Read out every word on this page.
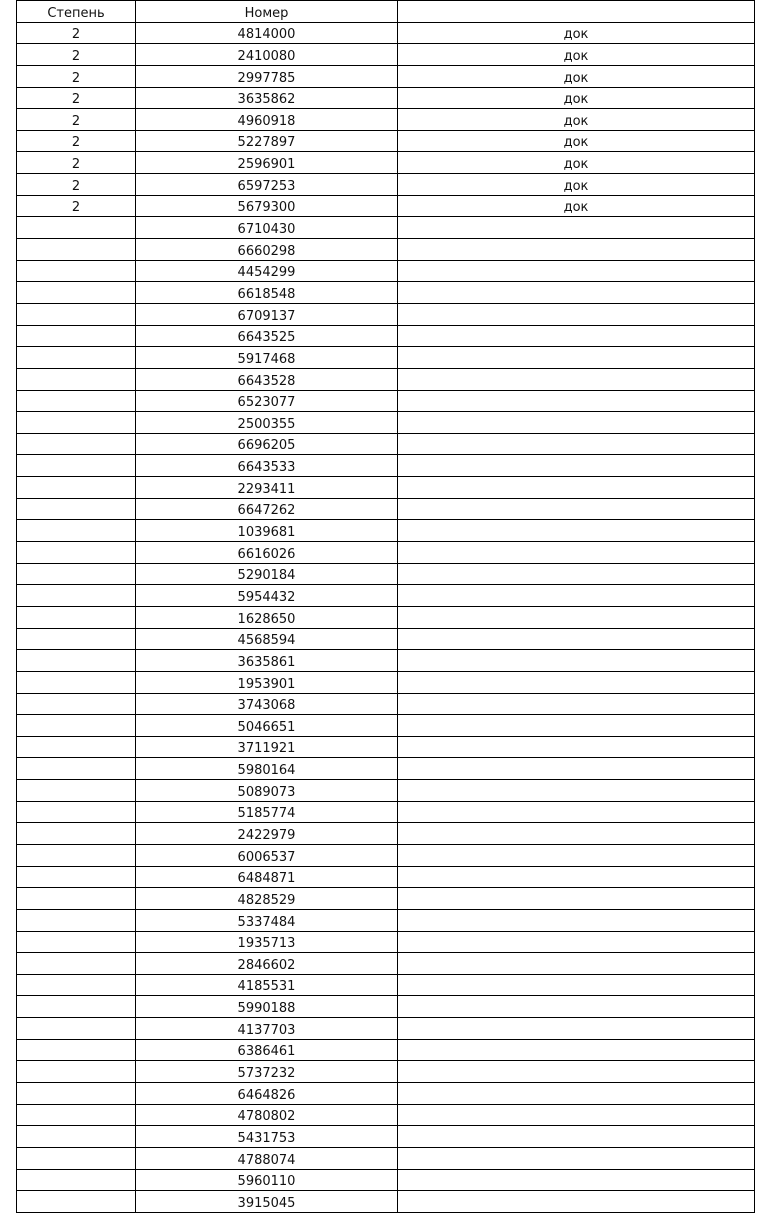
Степень	Номер	
2	4814000	док
2	2410080	док
2	2997785	док
2	3635862	док
2	4960918	док
2	5227897	док
2	2596901	док
2	6597253	док
2	5679300	док
	6710430	
	6660298	
	4454299	
	6618548	
	6709137	
	6643525	
	5917468	
	6643528	
	6523077	
	2500355	
	6696205	
	6643533	
	2293411	
	6647262	
	1039681	
	6616026	
	5290184	
	5954432	
	1628650	
	4568594	
	3635861	
	1953901	
	3743068	
	5046651	
	3711921	
	5980164	
	5089073	
	5185774	
	2422979	
	6006537	
	6484871	
	4828529	
	5337484	
	1935713	
	2846602	
	4185531	
	5990188	
	4137703	
	6386461	
	5737232	
	6464826	
	4780802	
	5431753	
	4788074	
	5960110	
	3915045	
